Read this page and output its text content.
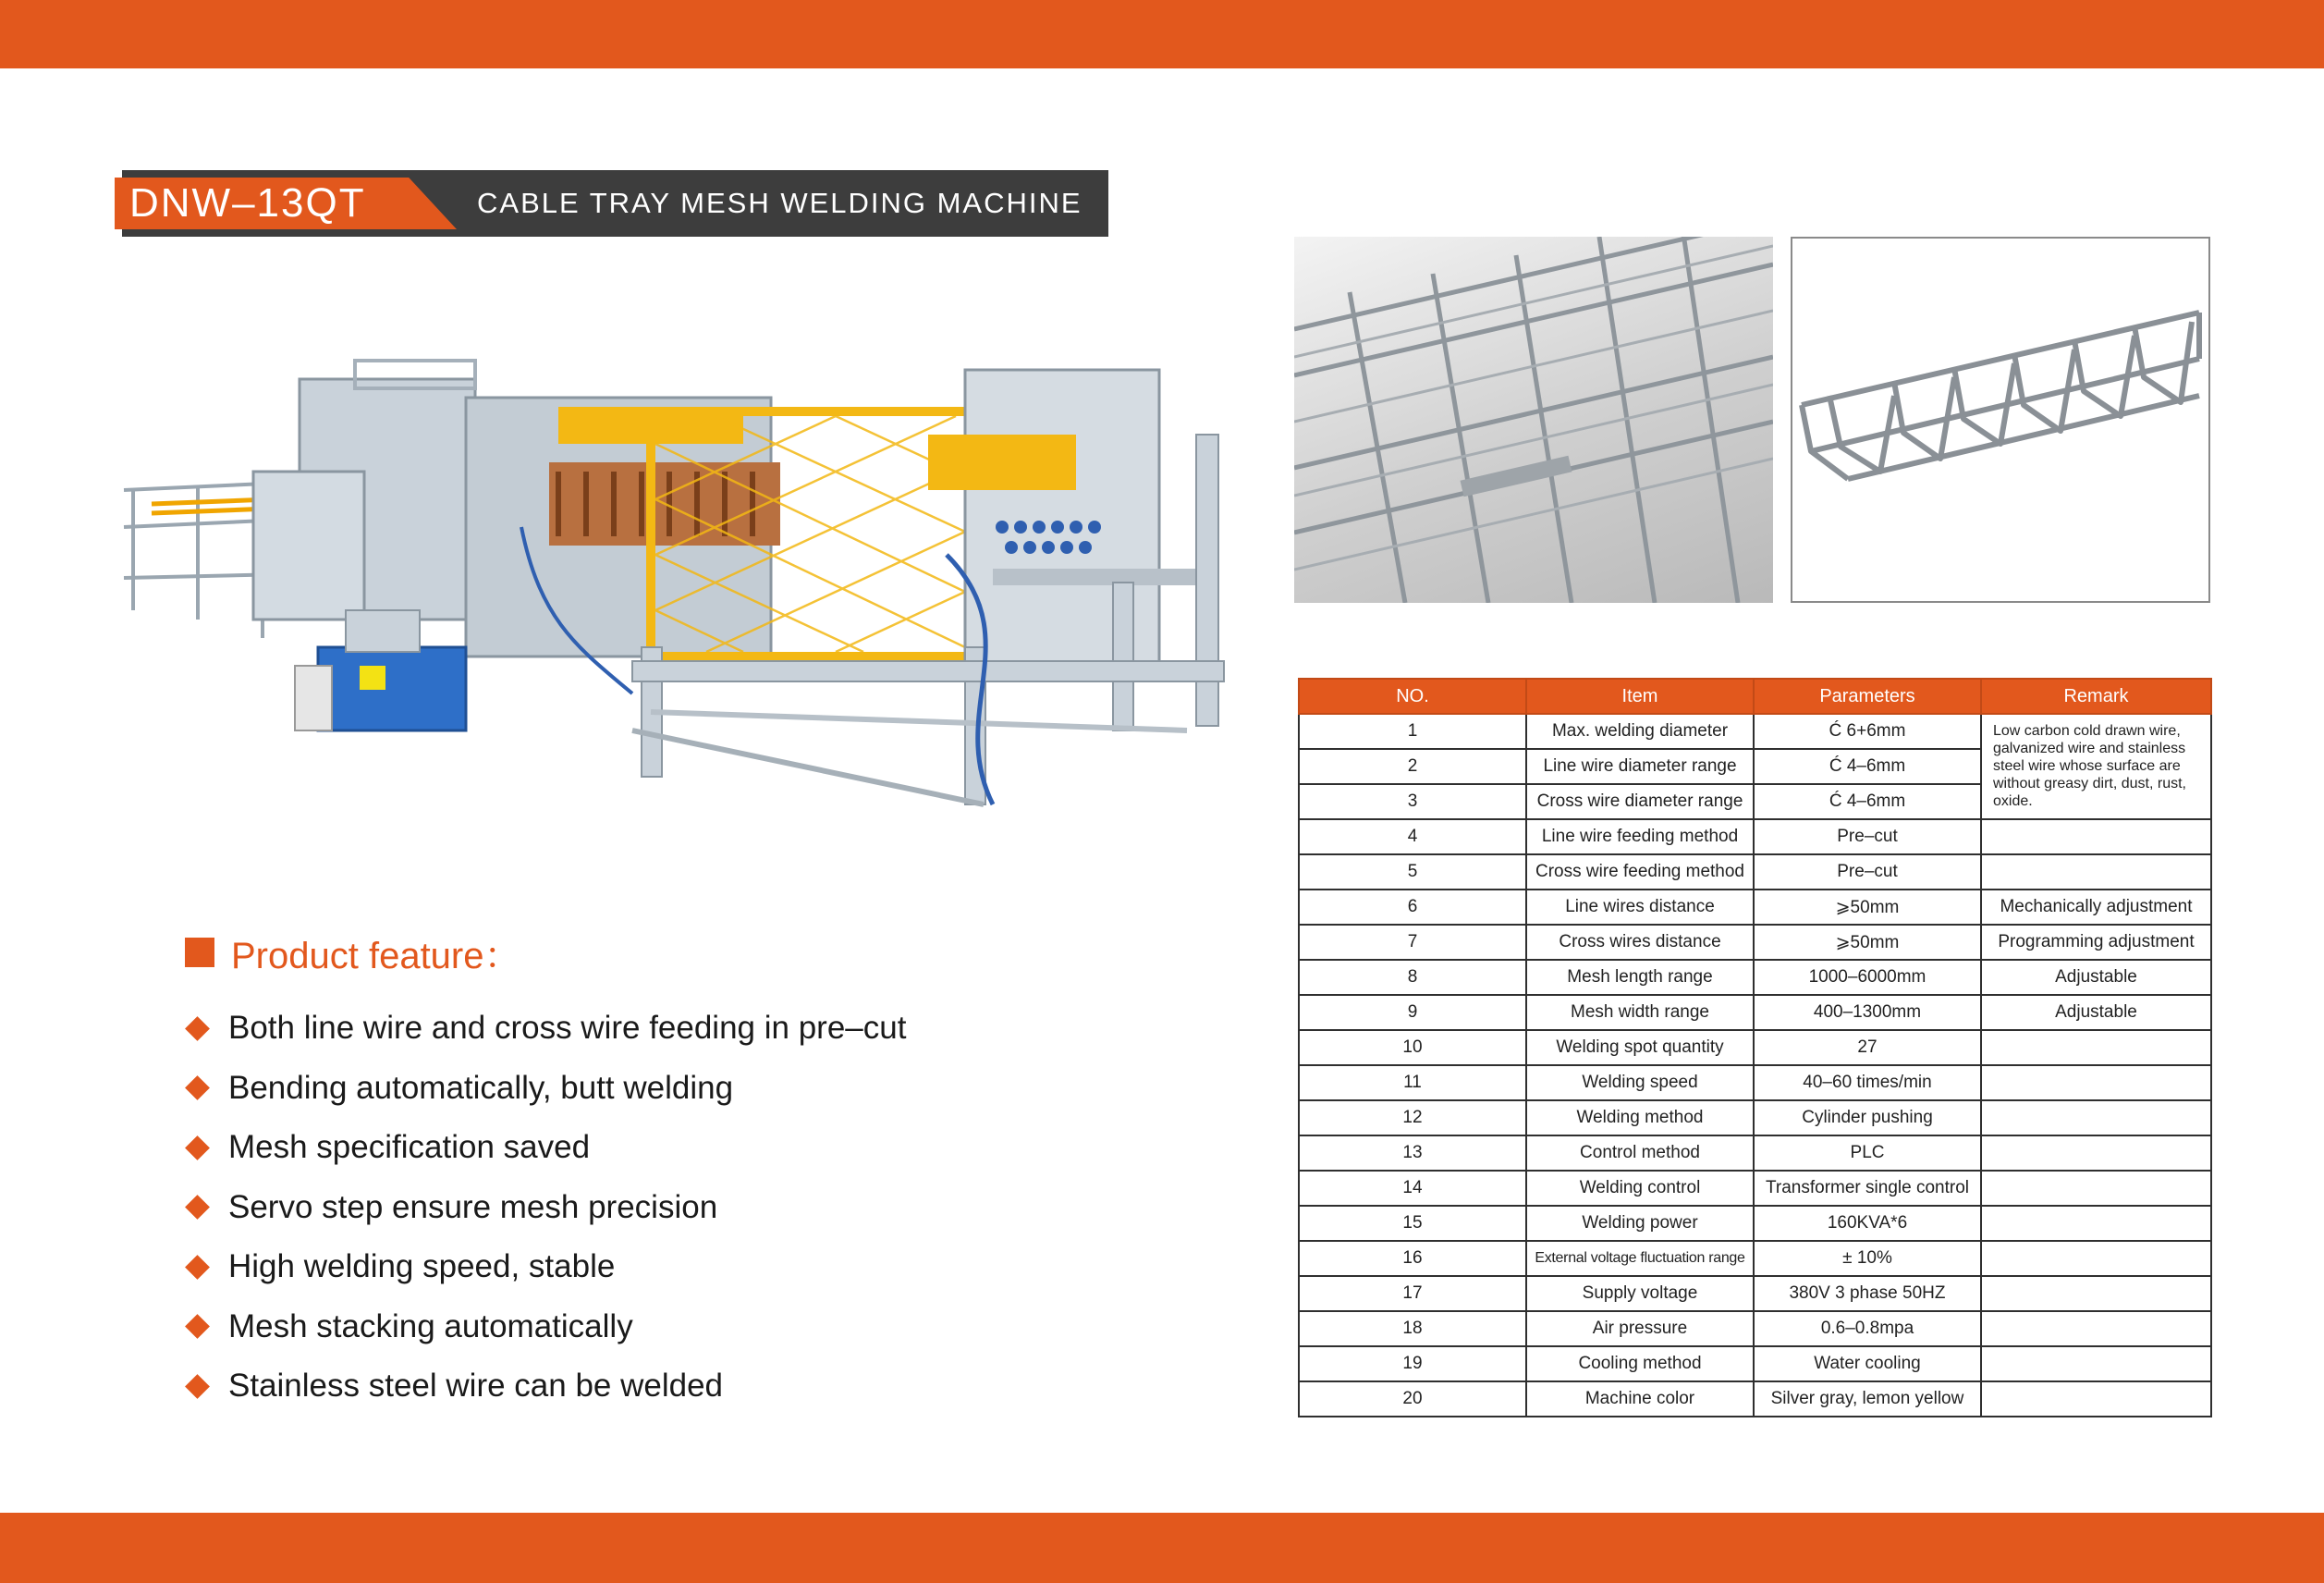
DNW–13QT	CABLE TRAY MESH WELDING MACHINE
Product feature：
Both line wire and cross wire feeding in pre–cut
Bending automatically, butt welding
Mesh specification saved
Servo step ensure mesh precision
High welding speed, stable
Mesh stacking automatically
Stainless steel wire can be welded
NO.	Item	Parameters	Remark
1	Max. welding diameter	Ć 6+6mm	Low carbon cold drawn wire, galvanized wire and stainless steel wire whose surface are without greasy dirt, dust, rust, oxide.
2	Line wire diameter range	Ć 4–6mm	
3	Cross wire diameter range	Ć 4–6mm	
4	Line wire feeding method	Pre–cut	
5	Cross wire feeding method	Pre–cut	
6	Line wires distance	⩾50mm	Mechanically adjustment
7	Cross wires distance	⩾50mm	Programming adjustment
8	Mesh length range	1000–6000mm	Adjustable
9	Mesh width range	400–1300mm	Adjustable
10	Welding spot quantity	27	
11	Welding speed	40–60 times/min	
12	Welding method	Cylinder pushing	
13	Control method	PLC	
14	Welding control	Transformer single control	
15	Welding power	160KVA*6	
16	External voltage fluctuation range	± 10%	
17	Supply voltage	380V 3 phase 50HZ	
18	Air pressure	0.6–0.8mpa	
19	Cooling method	Water cooling	
20	Machine color	Silver gray, lemon yellow	
